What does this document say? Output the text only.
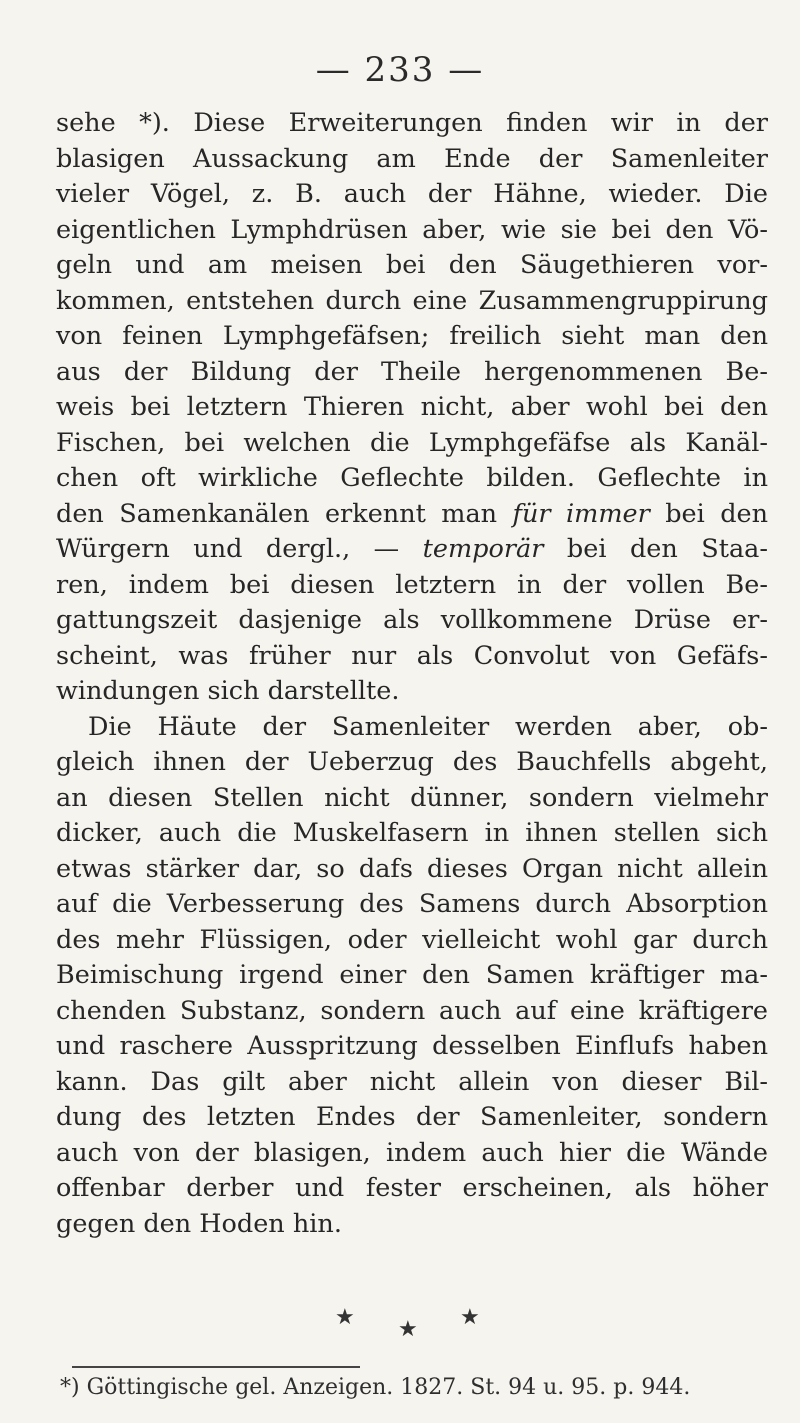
— 233 —
sehe *). Diese Erweiterungen finden wir in der
blasigen Aussackung am Ende der Samenleiter
vieler Vögel, z. B. auch der Hähne, wieder. Die
eigentlichen Lymphdrüsen aber, wie sie bei den Vö-
geln und am meisen bei den Säugethieren vor-
kommen, entstehen durch eine Zusammengruppirung
von feinen Lymphgefäfsen; freilich sieht man den
aus der Bildung der Theile hergenommenen Be-
weis bei letztern Thieren nicht, aber wohl bei den
Fischen, bei welchen die Lymphgefäfse als Kanäl-
chen oft wirkliche Geflechte bilden. Geflechte in
den Samenkanälen erkennt man für immer bei den
Würgern und dergl., — temporär bei den Staa-
ren, indem bei diesen letztern in der vollen Be-
gattungszeit dasjenige als vollkommene Drüse er-
scheint, was früher nur als Convolut von Gefäfs-
windungen sich darstellte.
Die Häute der Samenleiter werden aber, ob-
gleich ihnen der Ueberzug des Bauchfells abgeht,
an diesen Stellen nicht dünner, sondern vielmehr
dicker, auch die Muskelfasern in ihnen stellen sich
etwas stärker dar, so dafs dieses Organ nicht allein
auf die Verbesserung des Samens durch Absorption
des mehr Flüssigen, oder vielleicht wohl gar durch
Beimischung irgend einer den Samen kräftiger ma-
chenden Substanz, sondern auch auf eine kräftigere
und raschere Ausspritzung desselben Einflufs haben
kann. Das gilt aber nicht allein von dieser Bil-
dung des letzten Endes der Samenleiter, sondern
auch von der blasigen, indem auch hier die Wände
offenbar derber und fester erscheinen, als höher
gegen den Hoden hin.
★	★
★
*) Göttingische gel. Anzeigen. 1827. St. 94 u. 95. p. 944.
